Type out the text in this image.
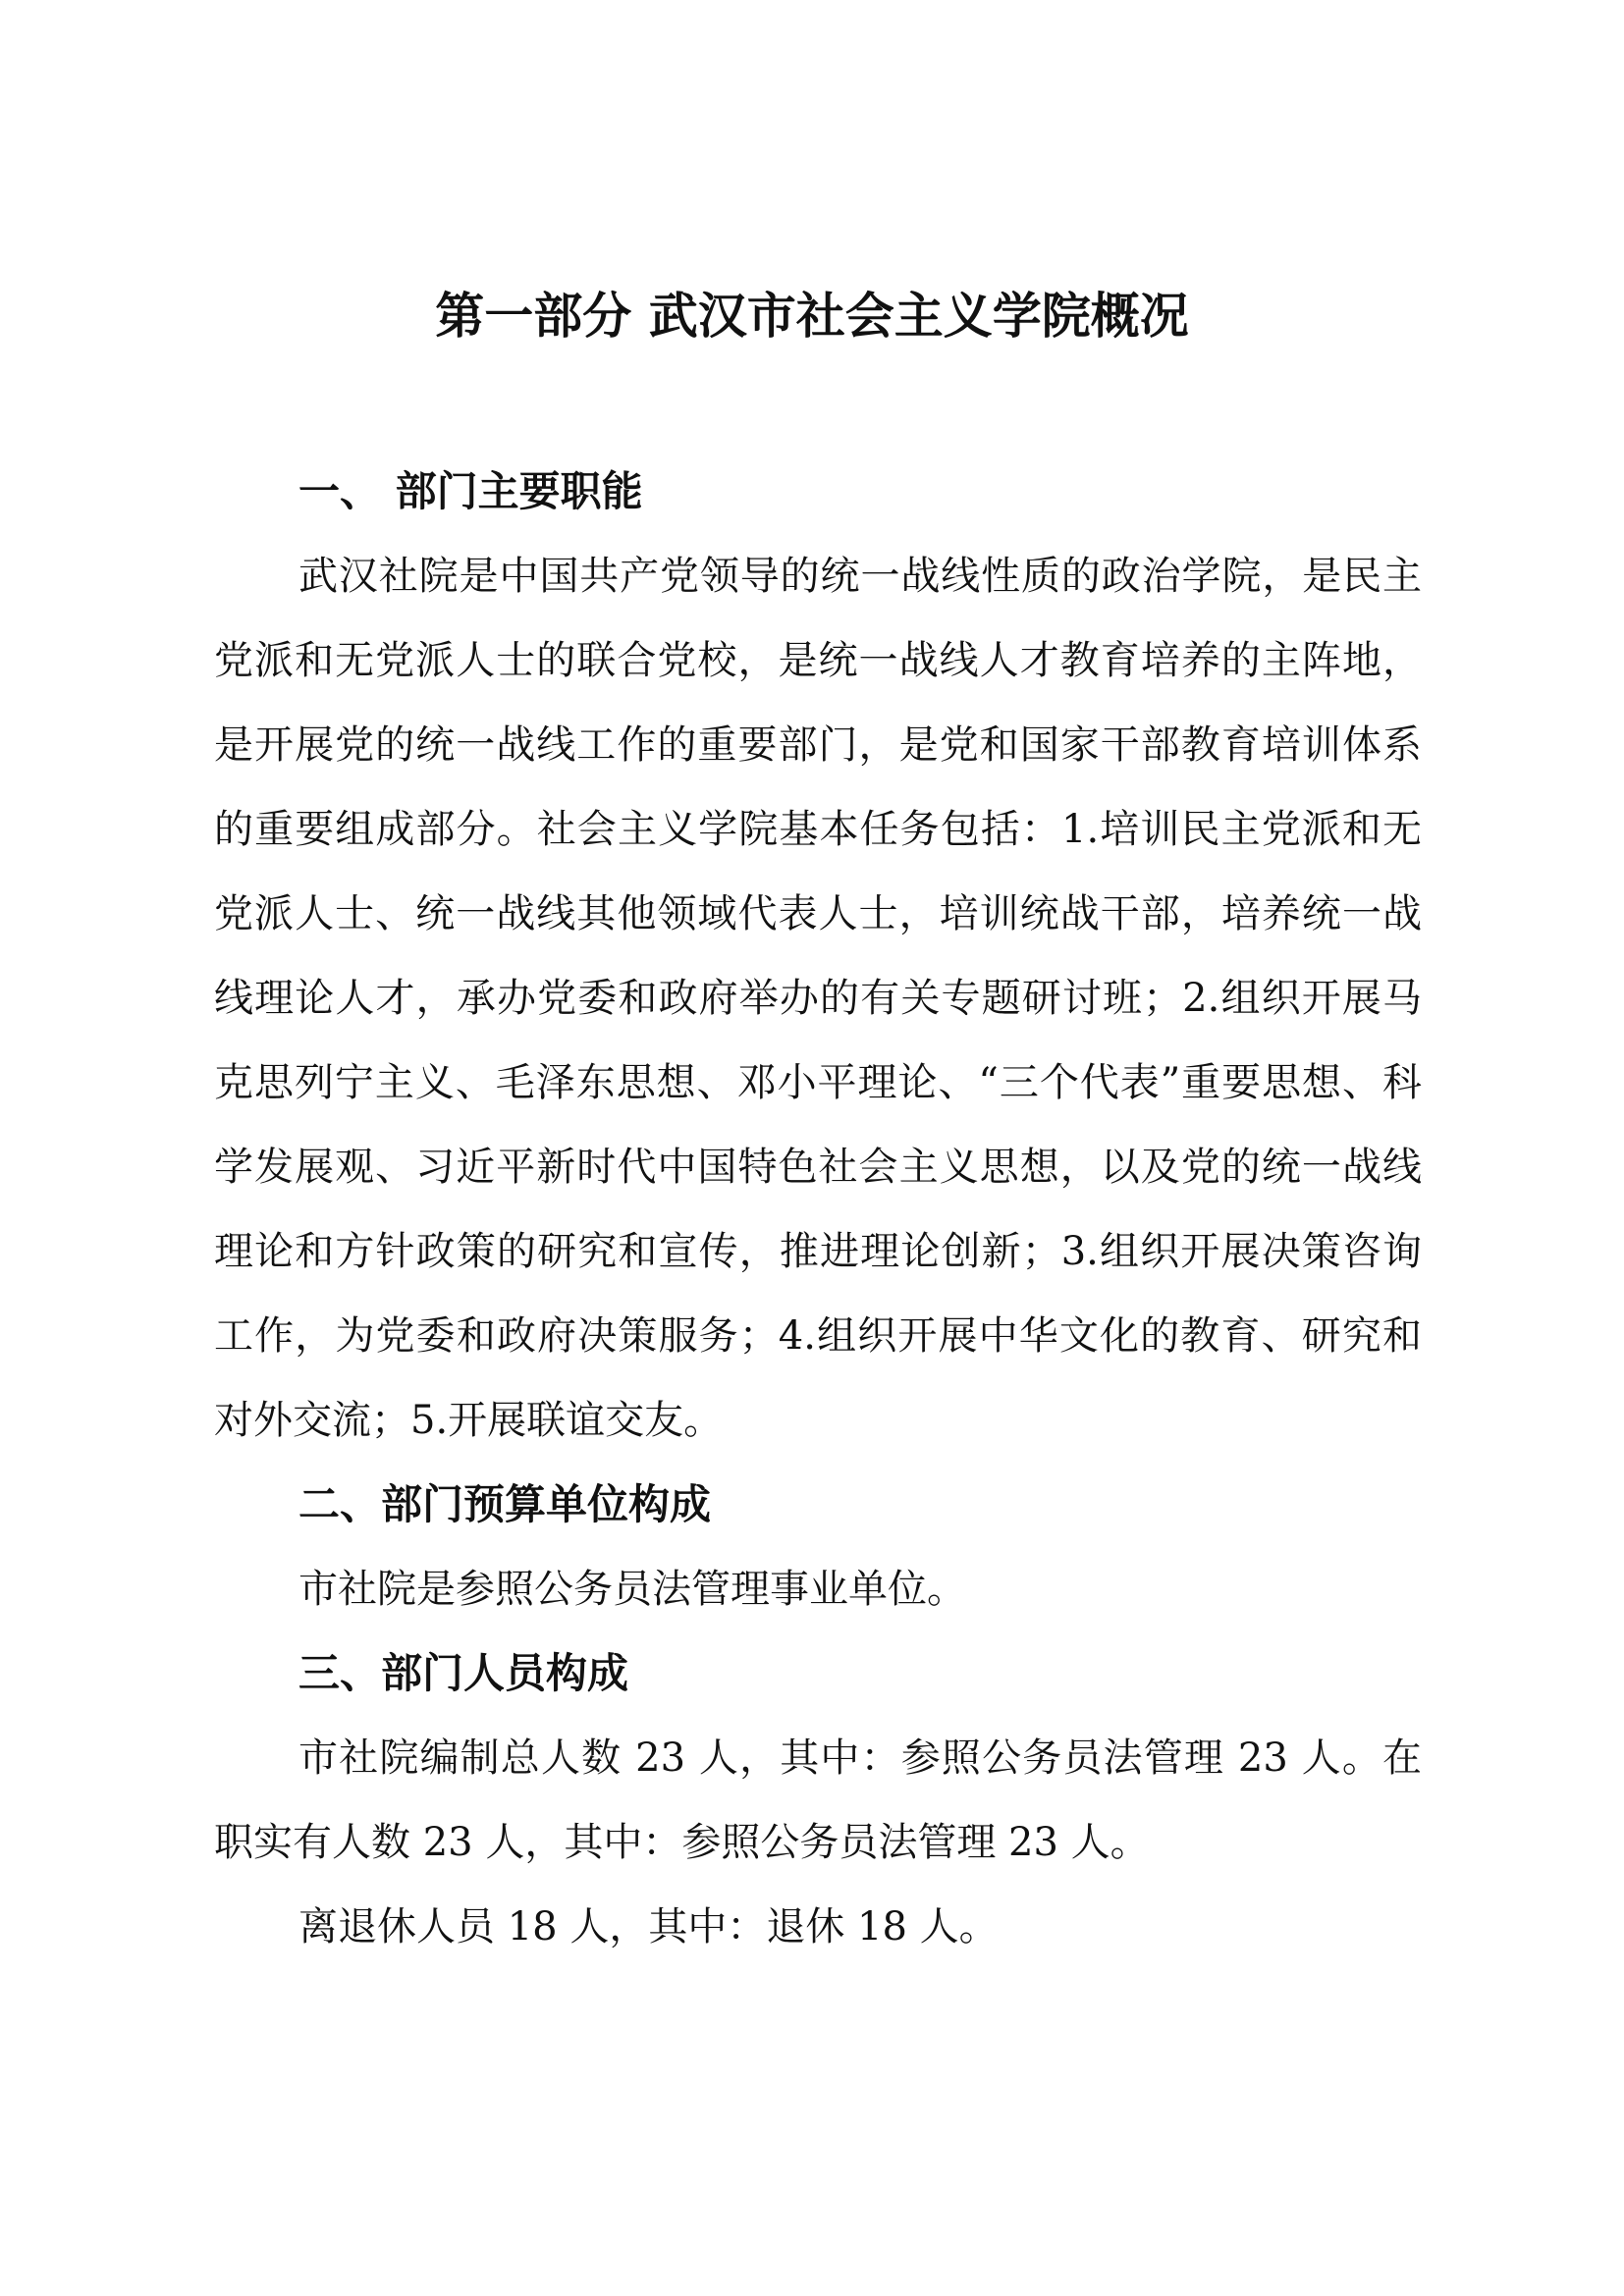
第一部分 武汉市社会主义学院概况
一、 部门主要职能

武汉社院是中国共产党领导的统一战线性质的政治学院，是民主党派和无党派人士的联合党校，是统一战线人才教育培养的主阵地，是开展党的统一战线工作的重要部门，是党和国家干部教育培训体系的重要组成部分。社会主义学院基本任务包括：1.培训民主党派和无党派人士、统一战线其他领域代表人士，培训统战干部，培养统一战线理论人才，承办党委和政府举办的有关专题研讨班；2.组织开展马克思列宁主义、毛泽东思想、邓小平理论、“三个代表”重要思想、科学发展观、习近平新时代中国特色社会主义思想，以及党的统一战线理论和方针政策的研究和宣传，推进理论创新；3.组织开展决策咨询工作，为党委和政府决策服务；4.组织开展中华文化的教育、研究和对外交流；5.开展联谊交友。

二、部门预算单位构成

市社院是参照公务员法管理事业单位。

三、部门人员构成

市社院编制总人数 23 人，其中：参照公务员法管理 23 人。在职实有人数 23 人，其中：参照公务员法管理 23 人。

离退休人员 18 人，其中：退休 18 人。
